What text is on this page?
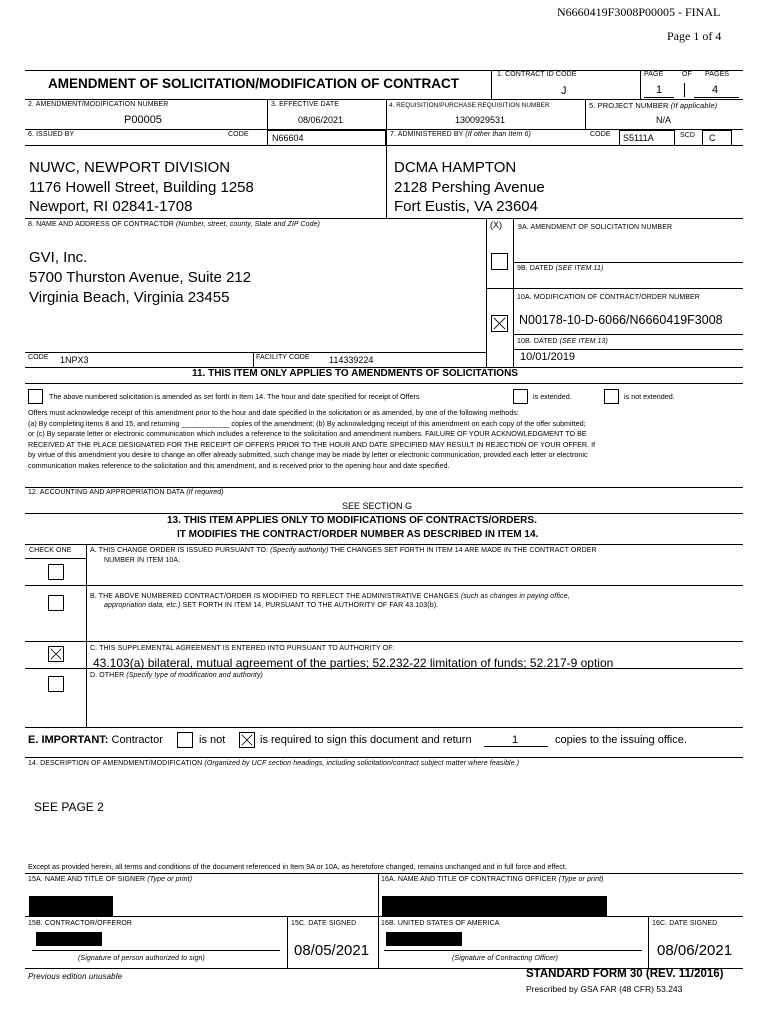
N6660419F3008P00005 - FINAL
Page 1 of 4
AMENDMENT OF SOLICITATION/MODIFICATION OF CONTRACT
1. CONTRACT ID CODE
J
PAGE	OF PAGES
1	4
2. AMENDMENT/MODIFICATION NUMBER
P00005
3. EFFECTIVE DATE
08/06/2021
4. REQUISITION/PURCHASE REQUISITION NUMBER
1300929531
5. PROJECT NUMBER (If applicable)
N/A
6. ISSUED BY	CODE	N66604	7. ADMINISTERED BY (If other than Item 6)	CODE S5111A	SCD C
NUWC, NEWPORT DIVISION
1176 Howell Street, Building 1258
Newport, RI 02841-1708
DCMA HAMPTON
2128 Pershing Avenue
Fort Eustis, VA 23604
8. NAME AND ADDRESS OF CONTRACTOR (Number, street, county, State and ZIP Code)
GVI, Inc.
5700 Thurston Avenue, Suite 212
Virginia Beach, Virginia 23455
(X) 9A. AMENDMENT OF SOLICITATION NUMBER
9B. DATED (SEE ITEM 11)
10A. MODIFICATION OF CONTRACT/ORDER NUMBER
N00178-10-D-6066/N6660419F3008
10B. DATED (SEE ITEM 13)
10/01/2019
CODE 1NPX3	FACILITY CODE 114339224
11. THIS ITEM ONLY APPLIES TO AMENDMENTS OF SOLICITATIONS
The above numbered solicitation is amended as set forth in Item 14. The hour and date specified for receipt of Offers	is extended.	is not extended.
Offers must acknowledge receipt of this amendment prior to the hour and date specified in the solicitation or as amended, by one of the following methods:
(a) By completing items 8 and 15, and returning ____________ copies of the amendment; (b) By acknowledging receipt of this amendment on each copy of the offer submitted;
or (c) By separate letter or electronic communication which includes a reference to the solicitation and amendment numbers. FAILURE OF YOUR ACKNOWLEDGMENT TO BE
RECEIVED AT THE PLACE DESIGNATED FOR THE RECEIPT OF OFFERS PRIOR TO THE HOUR AND DATE SPECIFIED MAY RESULT IN REJECTION OF YOUR OFFER. If
by virtue of this amendment you desire to change an offer already submitted, such change may be made by letter or electronic communication, provided each letter or electronic
communication makes reference to the solicitation and this amendment, and is received prior to the opening hour and date specified.
12. ACCOUNTING AND APPROPRIATION DATA (If required)
SEE SECTION G
13. THIS ITEM APPLIES ONLY TO MODIFICATIONS OF CONTRACTS/ORDERS.
IT MODIFIES THE CONTRACT/ORDER NUMBER AS DESCRIBED IN ITEM 14.
CHECK ONE	A. THIS CHANGE ORDER IS ISSUED PURSUANT TO: (Specify authority) THE CHANGES SET FORTH IN ITEM 14 ARE MADE IN THE CONTRACT ORDER
NUMBER IN ITEM 10A.
B. THE ABOVE NUMBERED CONTRACT/ORDER IS MODIFIED TO REFLECT THE ADMINISTRATIVE CHANGES (such as changes in paying office,
appropriation data, etc.) SET FORTH IN ITEM 14, PURSUANT TO THE AUTHORITY OF FAR 43.103(b).
C. THIS SUPPLEMENTAL AGREEMENT IS ENTERED INTO PURSUANT TO AUTHORITY OF:
43.103(a) bilateral, mutual agreement of the parties; 52.232-22 limitation of funds; 52.217-9 option
D. OTHER (Specify type of modification and authority)
E. IMPORTANT: Contractor	is not	is required to sign this document and return	1	copies to the issuing office.
14. DESCRIPTION OF AMENDMENT/MODIFICATION (Organized by UCF section headings, including solicitation/contract subject matter where feasible.)
SEE PAGE 2
Except as provided herein, all terms and conditions of the document referenced in Item 9A or 10A, as heretofore changed, remains unchanged and in full force and effect.
15A. NAME AND TITLE OF SIGNER (Type or print)	16A. NAME AND TITLE OF CONTRACTING OFFICER (Type or print)
15B. CONTRACTOR/OFFEROR	15C. DATE SIGNED	16B. UNITED STATES OF AMERICA	16C. DATE SIGNED
08/05/2021	08/06/2021
(Signature of person authorized to sign)	(Signature of Contracting Officer)
Previous edition unusable	STANDARD FORM 30 (REV. 11/2016)
Prescribed by GSA FAR (48 CFR) 53.243
